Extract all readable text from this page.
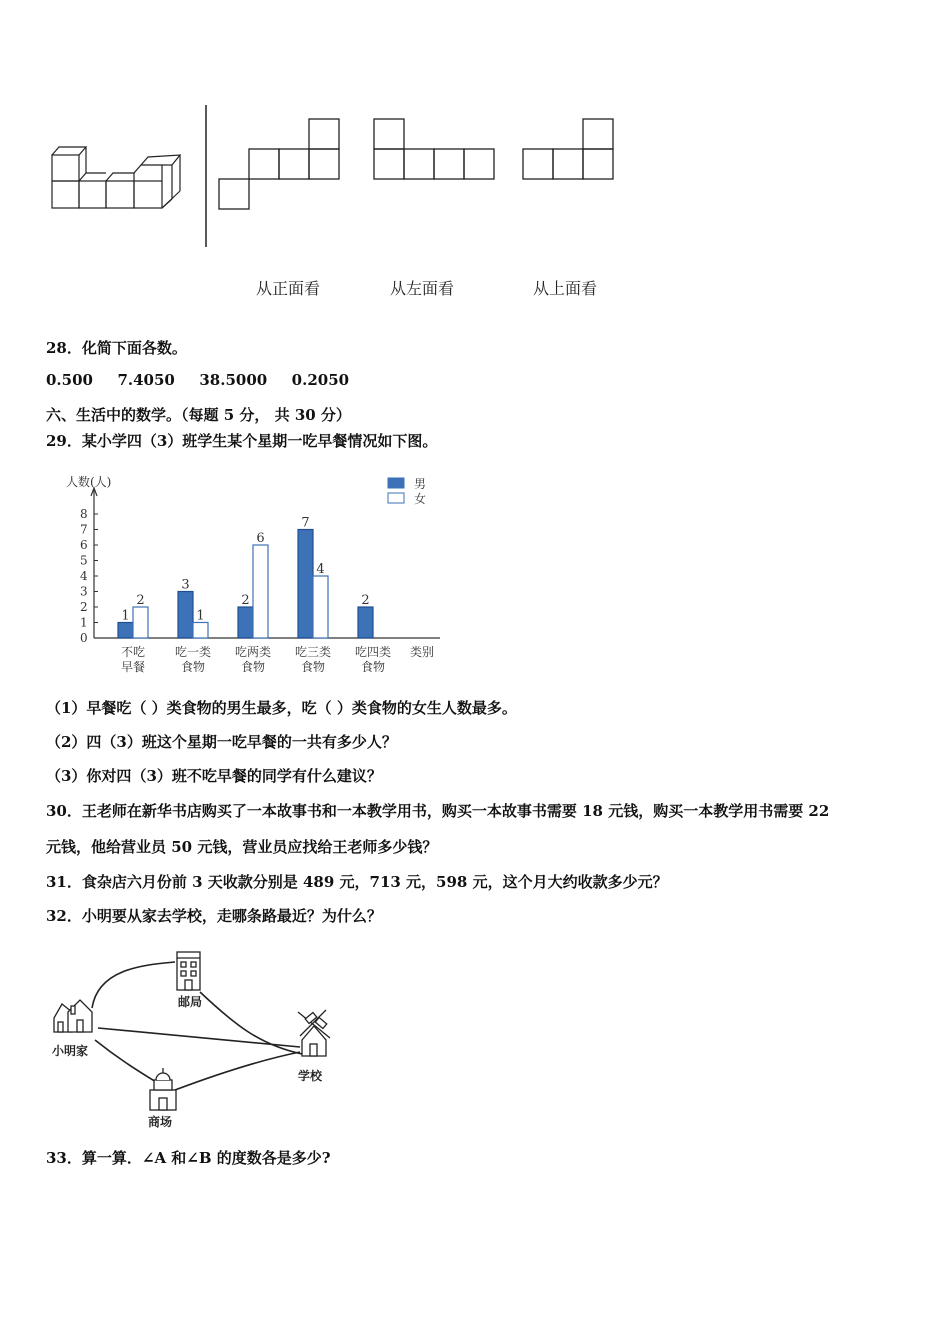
从正面看	从左面看	从上面看
28．化简下面各数。
0.500 7.4050 38.5000 0.2050
六、生活中的数学。（每题 5 分， 共 30 分）
29．某小学四（3）班学生某个星期一吃早餐情况如下图。
人数(人)
0
1
2
3
4
5
6
7
8
1
2
不吃
早餐
3
1
吃一类
食物
2
6
吃两类
食物
7
4
吃三类
食物
2
吃四类
食物
类别
男
女
（1）早餐吃（ ）类食物的男生最多，吃（ ）类食物的女生人数最多。
（2）四（3）班这个星期一吃早餐的一共有多少人？
（3）你对四（3）班不吃早餐的同学有什么建议？
30．王老师在新华书店购买了一本故事书和一本教学用书，购买一本故事书需要 18 元钱，购买一本教学用书需要 22
元钱，他给营业员 50 元钱，营业员应找给王老师多少钱？
31．食杂店六月份前 3 天收款分别是 489 元，713 元，598 元，这个月大约收款多少元？
32．小明要从家去学校，走哪条路最近？为什么？
小明家
邮局
学校
商场
33．算一算．∠A 和∠B 的度数各是多少?
